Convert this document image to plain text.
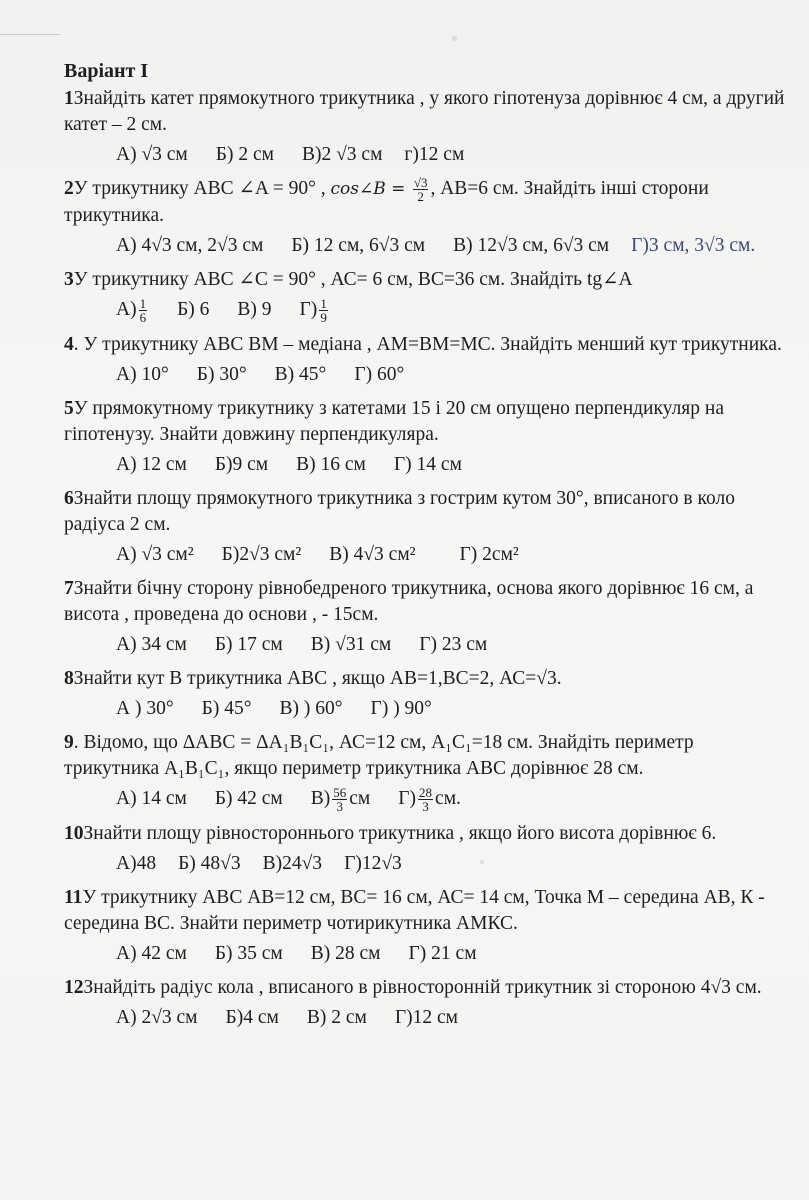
Варіант І

1Знайдіть катет прямокутного трикутника , у якого гіпотенуза дорівнює 4 см, а другий катет – 2 см.

А) √3 см Б) 2 см В)2 √3 см г)12 см

2У трикутнику АВС ∠A = 90° , cos∠B = $\frac{√3}{2}$ , АВ=6 см. Знайдіть інші сторони трикутника.

А) 4√3 см, 2√3 см Б) 12 см, 6√3 см В) 12√3 см, 6√3 см Г)3 см, 3√3 см.

3У трикутнику АВС ∠C = 90° , АС= 6 см, ВС=36 см. Знайдіть tg∠A

$А) \frac{1}{6} Б$) 6 В) 9 $Г) \frac{1}{9}$

4. У трикутнику АВС ВМ – медіана , АМ=ВМ=МС. Знайдіть менший кут трикутника.

А) 10° Б) 30° В) 45° Г) 60°

5У прямокутному трикутнику з катетами 15 і 20 см опущено перпендикуляр на гіпотенузу. Знайти довжину перпендикуляра.

А) 12 см Б)9 см В) 16 см Г) 14 см

6Знайти площу прямокутного трикутника з гострим кутом 30°, вписаного в коло радіуса 2 см.

А) √3 см² Б)2√3 см² В) 4√3 см² Г) 2см²

7Знайти бічну сторону рівнобедреного трикутника, основа якого дорівнює 16 см, а висота , проведена до основи , - 15см.

А) 34 см Б) 17 см В) √31 см Г) 23 см

8Знайти кут В трикутника АВС , якщо АВ=1,ВС=2, АС=√3.

А ) 30° Б) 45° В) ) 60° Г) ) 90°

9. Відомо, що ΔABC = ΔA₁B₁C₁, АС=12 см, A₁C₁=18 см. Знайдіть периметр трикутника A₁B₁C₁, якщо периметр трикутника АВС дорівнює 28 см.

А) 14 см Б) 42 см $В) \frac{56}{3}$ см $Г) \frac{28}{3}$ см.

10Знайти площу рівностороннього трикутника , якщо його висота дорівнює 6.

А)48 Б) 48√3 В)24√3 Г)12√3

11У трикутнику АВС АВ=12 см, ВС= 16 см, АС= 14 см, Точка М – середина АВ, К - середина ВС. Знайти периметр чотирикутника АМКС.

А) 42 см Б) 35 см В) 28 см Г) 21 см

12Знайдіть радіус кола , вписаного в рівносторонній трикутник зі стороною 4√3 см.

А) 2√3 см Б)4 см В) 2 см Г)12 см
